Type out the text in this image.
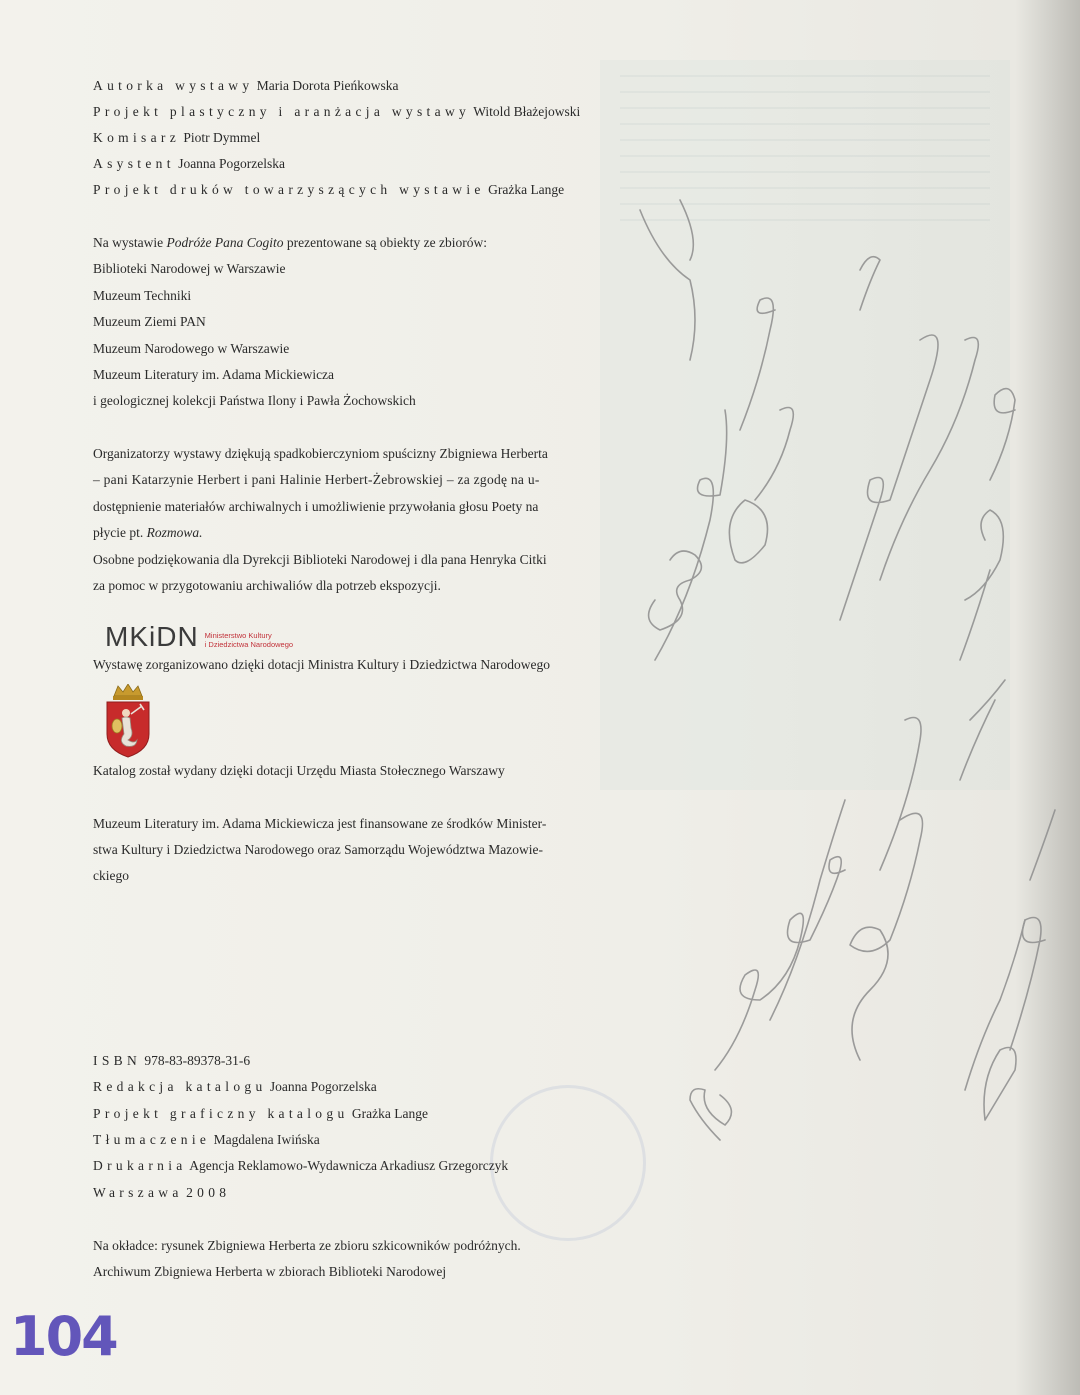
Autorka wystawy Maria Dorota Pieńkowska
Projekt plastyczny i aranżacja wystawy Witold Błażejowski
Komisarz Piotr Dymmel
Asystent Joanna Pogorzelska
Projekt druków towarzyszących wystawie Grażka Lange
Na wystawie Podróże Pana Cogito prezentowane są obiekty ze zbiorów:
Biblioteki Narodowej w Warszawie
Muzeum Techniki
Muzeum Ziemi PAN
Muzeum Narodowego w Warszawie
Muzeum Literatury im. Adama Mickiewicza
i geologicznej kolekcji Państwa Ilony i Pawła Żochowskich
Organizatorzy wystawy dziękują spadkobierczyniom spuścizny Zbigniewa Herberta
– pani Katarzynie Herbert i pani Halinie Herbert-Żebrowskiej – za zgodę na u-
dostępnienie materiałów archiwalnych i umożliwienie przywołania głosu Poety na
płycie pt. Rozmowa.
Osobne podziękowania dla Dyrekcji Biblioteki Narodowej i dla pana Henryka Citki
za pomoc w przygotowaniu archiwaliów dla potrzeb ekspozycji.
MKiDN Ministerstwo Kultury
i Dziedzictwa Narodowego
Wystawę zorganizowano dzięki dotacji Ministra Kultury i Dziedzictwa Narodowego
Katalog został wydany dzięki dotacji Urzędu Miasta Stołecznego Warszawy
Muzeum Literatury im. Adama Mickiewicza jest finansowane ze środków Minister-
stwa Kultury i Dziedzictwa Narodowego oraz Samorządu Województwa Mazowie-
ckiego
ISBN 978-83-89378-31-6
Redakcja katalogu Joanna Pogorzelska
Projekt graficzny katalogu Grażka Lange
Tłumaczenie Magdalena Iwińska
Drukarnia Agencja Reklamowo-Wydawnicza Arkadiusz Grzegorczyk
Warszawa 2008
Na okładce: rysunek Zbigniewa Herberta ze zbioru szkicowników podróżnych.
Archiwum Zbigniewa Herberta w zbiorach Biblioteki Narodowej
104
